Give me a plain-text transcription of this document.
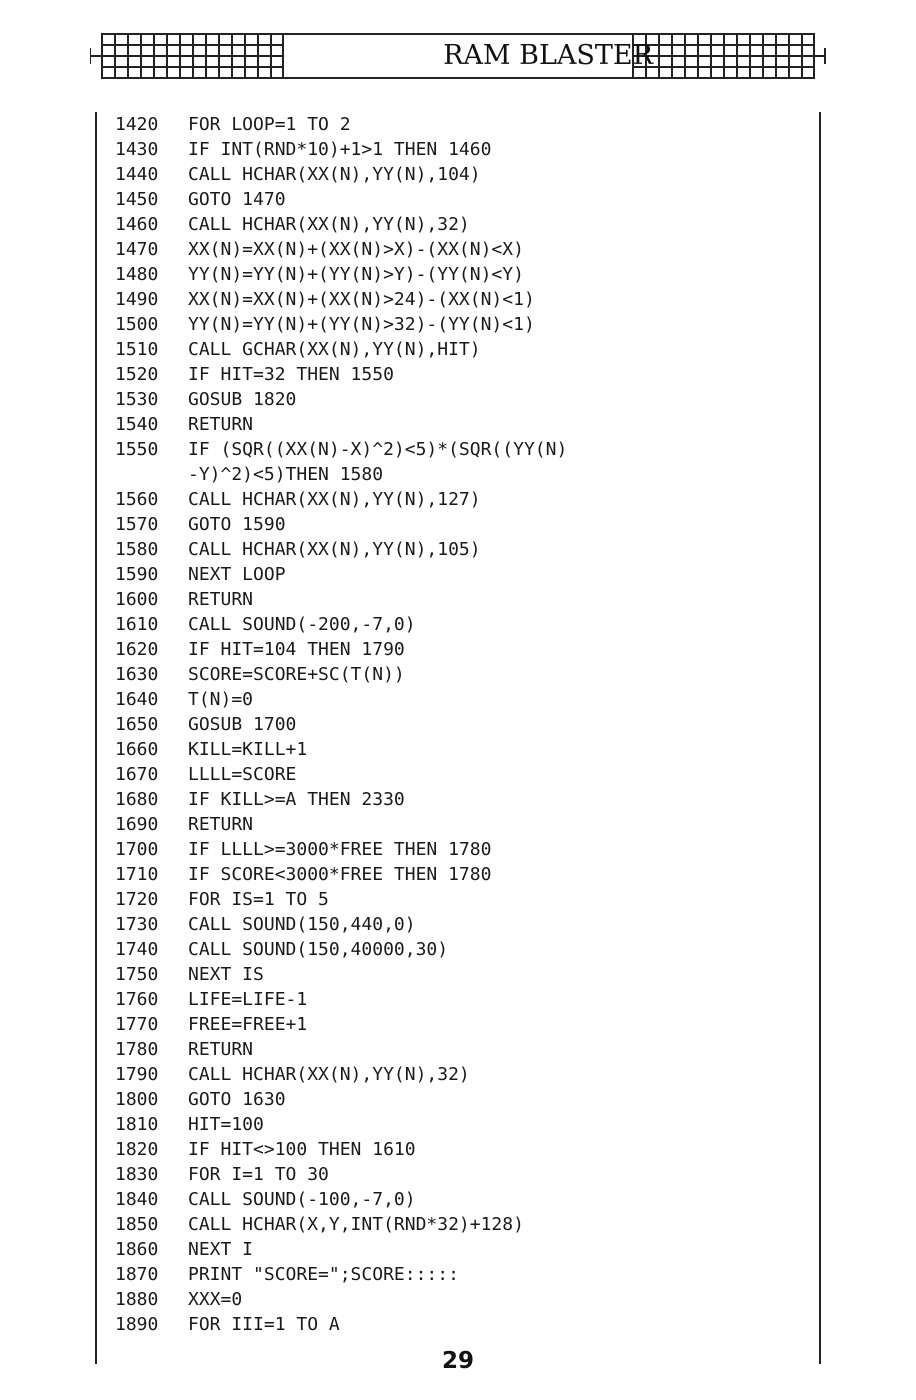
RAM BLASTER
1420 FOR LOOP=1 TO 2
1430 IF INT(RND*10)+1>1 THEN 1460
1440 CALL HCHAR(XX(N),YY(N),104)
1450 GOTO 1470
1460 CALL HCHAR(XX(N),YY(N),32)
1470 XX(N)=XX(N)+(XX(N)>X)-(XX(N)<X)
1480 YY(N)=YY(N)+(YY(N)>Y)-(YY(N)<Y)
1490 XX(N)=XX(N)+(XX(N)>24)-(XX(N)<1)
1500 YY(N)=YY(N)+(YY(N)>32)-(YY(N)<1)
1510 CALL GCHAR(XX(N),YY(N),HIT)
1520 IF HIT=32 THEN 1550
1530 GOSUB 1820
1540 RETURN
1550 IF (SQR((XX(N)-X)^2)<5)*(SQR((YY(N)
-Y)^2)<5)THEN 1580
1560 CALL HCHAR(XX(N),YY(N),127)
1570 GOTO 1590
1580 CALL HCHAR(XX(N),YY(N),105)
1590 NEXT LOOP
1600 RETURN
1610 CALL SOUND(-200,-7,0)
1620 IF HIT=104 THEN 1790
1630 SCORE=SCORE+SC(T(N))
1640 T(N)=0
1650 GOSUB 1700
1660 KILL=KILL+1
1670 LLLL=SCORE
1680 IF KILL>=A THEN 2330
1690 RETURN
1700 IF LLLL>=3000*FREE THEN 1780
1710 IF SCORE<3000*FREE THEN 1780
1720 FOR IS=1 TO 5
1730 CALL SOUND(150,440,0)
1740 CALL SOUND(150,40000,30)
1750 NEXT IS
1760 LIFE=LIFE-1
1770 FREE=FREE+1
1780 RETURN
1790 CALL HCHAR(XX(N),YY(N),32)
1800 GOTO 1630
1810 HIT=100
1820 IF HIT<>100 THEN 1610
1830 FOR I=1 TO 30
1840 CALL SOUND(-100,-7,0)
1850 CALL HCHAR(X,Y,INT(RND*32)+128)
1860 NEXT I
1870 PRINT "SCORE=";SCORE:::::
1880 XXX=0
1890 FOR III=1 TO A
29
